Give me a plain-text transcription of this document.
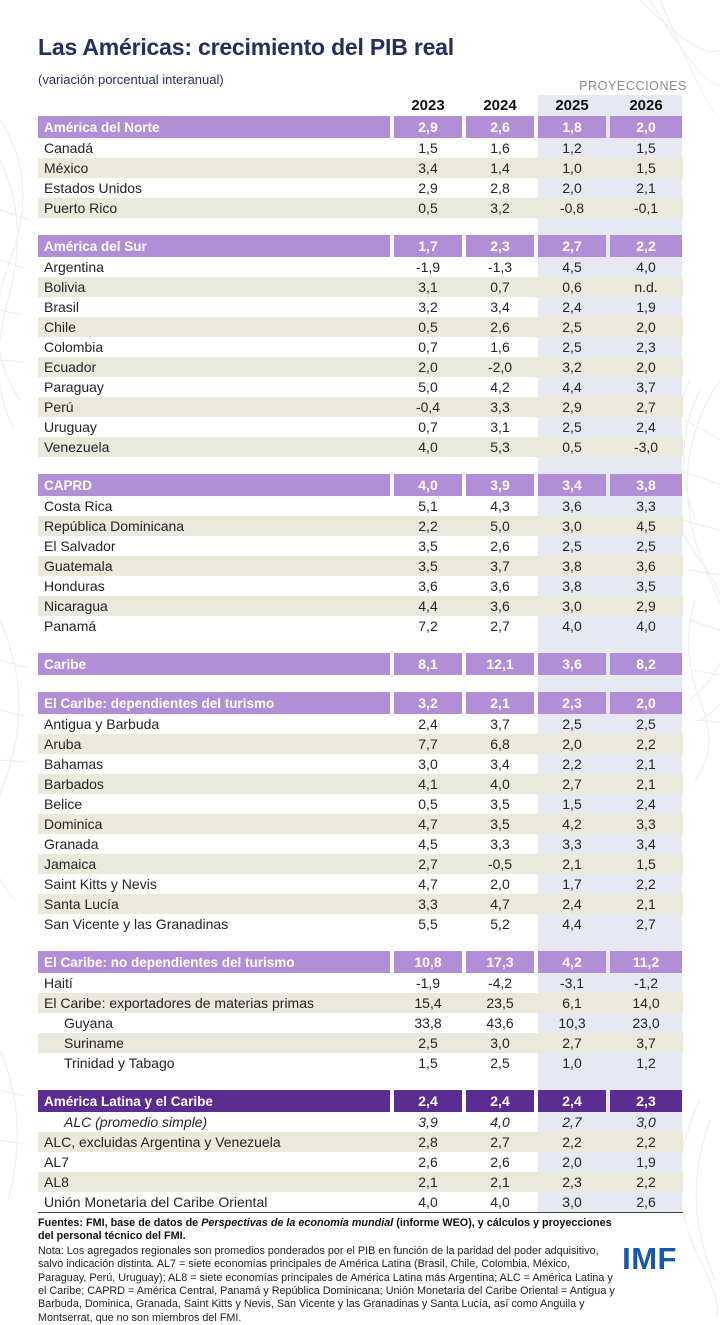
Las Américas: crecimiento del PIB real
(variación porcentual interanual)	PROYECCIONES
2023	2024	2025	2026
América del Norte	2,9	2,6	1,8	2,0
Canadá	1,5	1,6	1,2	1,5
México	3,4	1,4	1,0	1,5
Estados Unidos	2,9	2,8	2,0	2,1
Puerto Rico	0,5	3,2	-0,8	-0,1
América del Sur	1,7	2,3	2,7	2,2
Argentina	-1,9	-1,3	4,5	4,0
Bolivia	3,1	0,7	0,6	n.d.
Brasil	3,2	3,4	2,4	1,9
Chile	0,5	2,6	2,5	2,0
Colombia	0,7	1,6	2,5	2,3
Ecuador	2,0	-2,0	3,2	2,0
Paraguay	5,0	4,2	4,4	3,7
Perú	-0,4	3,3	2,9	2,7
Uruguay	0,7	3,1	2,5	2,4
Venezuela	4,0	5,3	0,5	-3,0
CAPRD	4,0	3,9	3,4	3,8
Costa Rica	5,1	4,3	3,6	3,3
República Dominicana	2,2	5,0	3,0	4,5
El Salvador	3,5	2,6	2,5	2,5
Guatemala	3,5	3,7	3,8	3,6
Honduras	3,6	3,6	3,8	3,5
Nicaragua	4,4	3,6	3,0	2,9
Panamá	7,2	2,7	4,0	4,0
Caribe	8,1	12,1	3,6	8,2
El Caribe: dependientes del turismo	3,2	2,1	2,3	2,0
Antigua y Barbuda	2,4	3,7	2,5	2,5
Aruba	7,7	6,8	2,0	2,2
Bahamas	3,0	3,4	2,2	2,1
Barbados	4,1	4,0	2,7	2,1
Belice	0,5	3,5	1,5	2,4
Dominica	4,7	3,5	4,2	3,3
Granada	4,5	3,3	3,3	3,4
Jamaica	2,7	-0,5	2,1	1,5
Saint Kitts y Nevis	4,7	2,0	1,7	2,2
Santa Lucía	3,3	4,7	2,4	2,1
San Vicente y las Granadinas	5,5	5,2	4,4	2,7
El Caribe: no dependientes del turismo	10,8	17,3	4,2	11,2
Haití	-1,9	-4,2	-3,1	-1,2
El Caribe: exportadores de materias primas	15,4	23,5	6,1	14,0
Guyana	33,8	43,6	10,3	23,0
Suriname	2,5	3,0	2,7	3,7
Trinidad y Tabago	1,5	2,5	1,0	1,2
América Latina y el Caribe	2,4	2,4	2,4	2,3
ALC (promedio simple)	3,9	4,0	2,7	3,0
ALC, excluidas Argentina y Venezuela	2,8	2,7	2,2	2,2
AL7	2,6	2,6	2,0	1,9
AL8	2,1	2,1	2,3	2,2
Unión Monetaria del Caribe Oriental	4,0	4,0	3,0	2,6
Fuentes: FMI, base de datos de Perspectivas de la economía mundial (informe WEO), y cálculos y proyecciones del personal técnico del FMI.
Nota: Los agregados regionales son promedios ponderados por el PIB en función de la paridad del poder adquisitivo, salvo indicación distinta. AL7 = siete economías principales de América Latina (Brasil, Chile, Colombia, México, Paraguay, Perú, Uruguay); AL8 = siete economías principales de América Latina más Argentina; ALC = América Latina y el Caribe; CAPRD = América Central, Panamá y República Dominicana; Unión Monetaria del Caribe Oriental = Antigua y Barbuda, Dominica, Granada, Saint Kitts y Nevis, San Vicente y las Granadinas y Santa Lucía, así como Anguila y Montserrat, que no son miembros del FMI.
IMF
